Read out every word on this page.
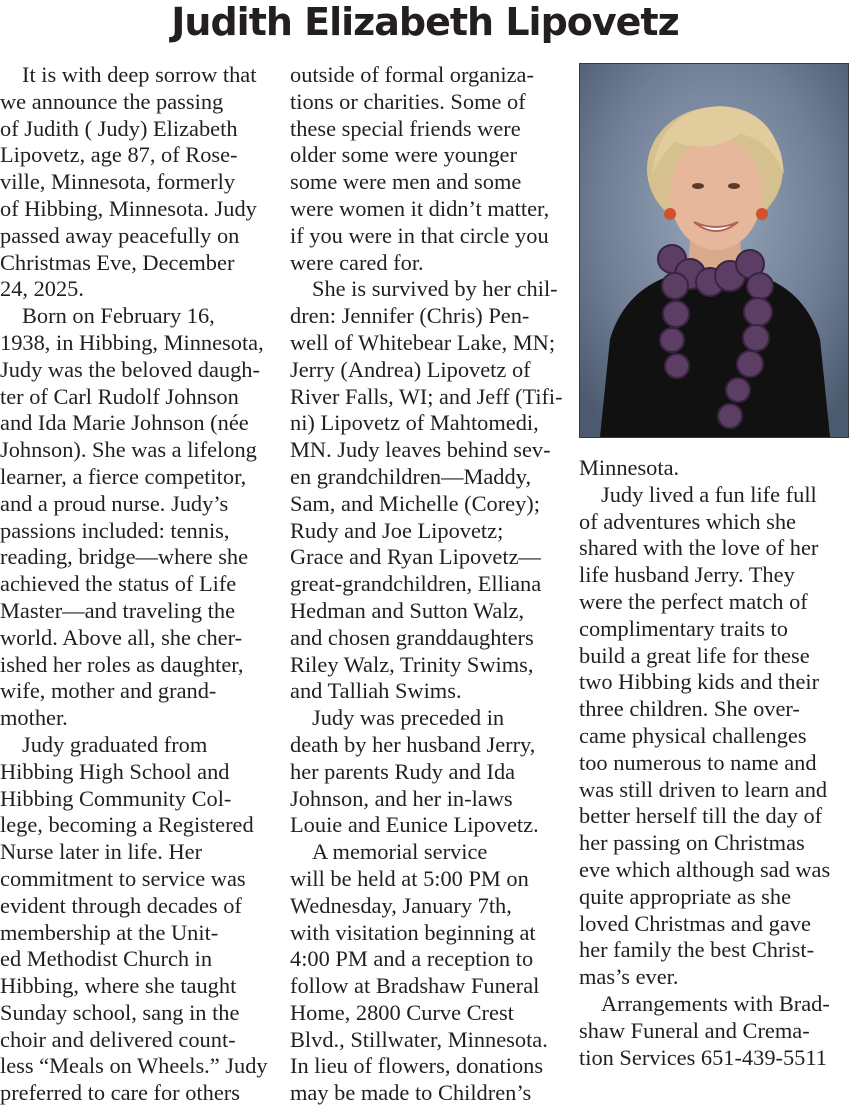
Judith Elizabeth Lipovetz
It is with deep sorrow that
we announce the passing
of Judith ( Judy) Elizabeth
Lipovetz, age 87, of Rose-
ville, Minnesota, formerly
of Hibbing, Minnesota. Judy
passed away peacefully on
Christmas Eve, December
24, 2025.
Born on February 16,
1938, in Hibbing, Minnesota,
Judy was the beloved daugh-
ter of Carl Rudolf Johnson
and Ida Marie Johnson (née
Johnson). She was a lifelong
learner, a fierce competitor,
and a proud nurse. Judy’s
passions included: tennis,
reading, bridge—where she
achieved the status of Life
Master—and traveling the
world. Above all, she cher-
ished her roles as daughter,
wife, mother and grand-
mother.
Judy graduated from
Hibbing High School and
Hibbing Community Col-
lege, becoming a Registered
Nurse later in life. Her
commitment to service was
evident through decades of
membership at the Unit-
ed Methodist Church in
Hibbing, where she taught
Sunday school, sang in the
choir and delivered count-
less “Meals on Wheels.” Judy
preferred to care for others
outside of formal organiza-
tions or charities. Some of
these special friends were
older some were younger
some were men and some
were women it didn’t matter,
if you were in that circle you
were cared for.
She is survived by her chil-
dren: Jennifer (Chris) Pen-
well of Whitebear Lake, MN;
Jerry (Andrea) Lipovetz of
River Falls, WI; and Jeff (Tifi-
ni) Lipovetz of Mahtomedi,
MN. Judy leaves behind sev-
en grandchildren—Maddy,
Sam, and Michelle (Corey);
Rudy and Joe Lipovetz;
Grace and Ryan Lipovetz—
great-grandchildren, Elliana
Hedman and Sutton Walz,
and chosen granddaughters
Riley Walz, Trinity Swims,
and Talliah Swims.
Judy was preceded in
death by her husband Jerry,
her parents Rudy and Ida
Johnson, and her in-laws
Louie and Eunice Lipovetz.
A memorial service
will be held at 5:00 PM on
Wednesday, January 7th,
with visitation beginning at
4:00 PM and a reception to
follow at Bradshaw Funeral
Home, 2800 Curve Crest
Blvd., Stillwater, Minnesota.
In lieu of flowers, donations
may be made to Children’s
Minnesota.
Judy lived a fun life full
of adventures which she
shared with the love of her
life husband Jerry. They
were the perfect match of
complimentary traits to
build a great life for these
two Hibbing kids and their
three children. She over-
came physical challenges
too numerous to name and
was still driven to learn and
better herself till the day of
her passing on Christmas
eve which although sad was
quite appropriate as she
loved Christmas and gave
her family the best Christ-
mas’s ever.
Arrangements with Brad-
shaw Funeral and Crema-
tion Services 651-439-5511
